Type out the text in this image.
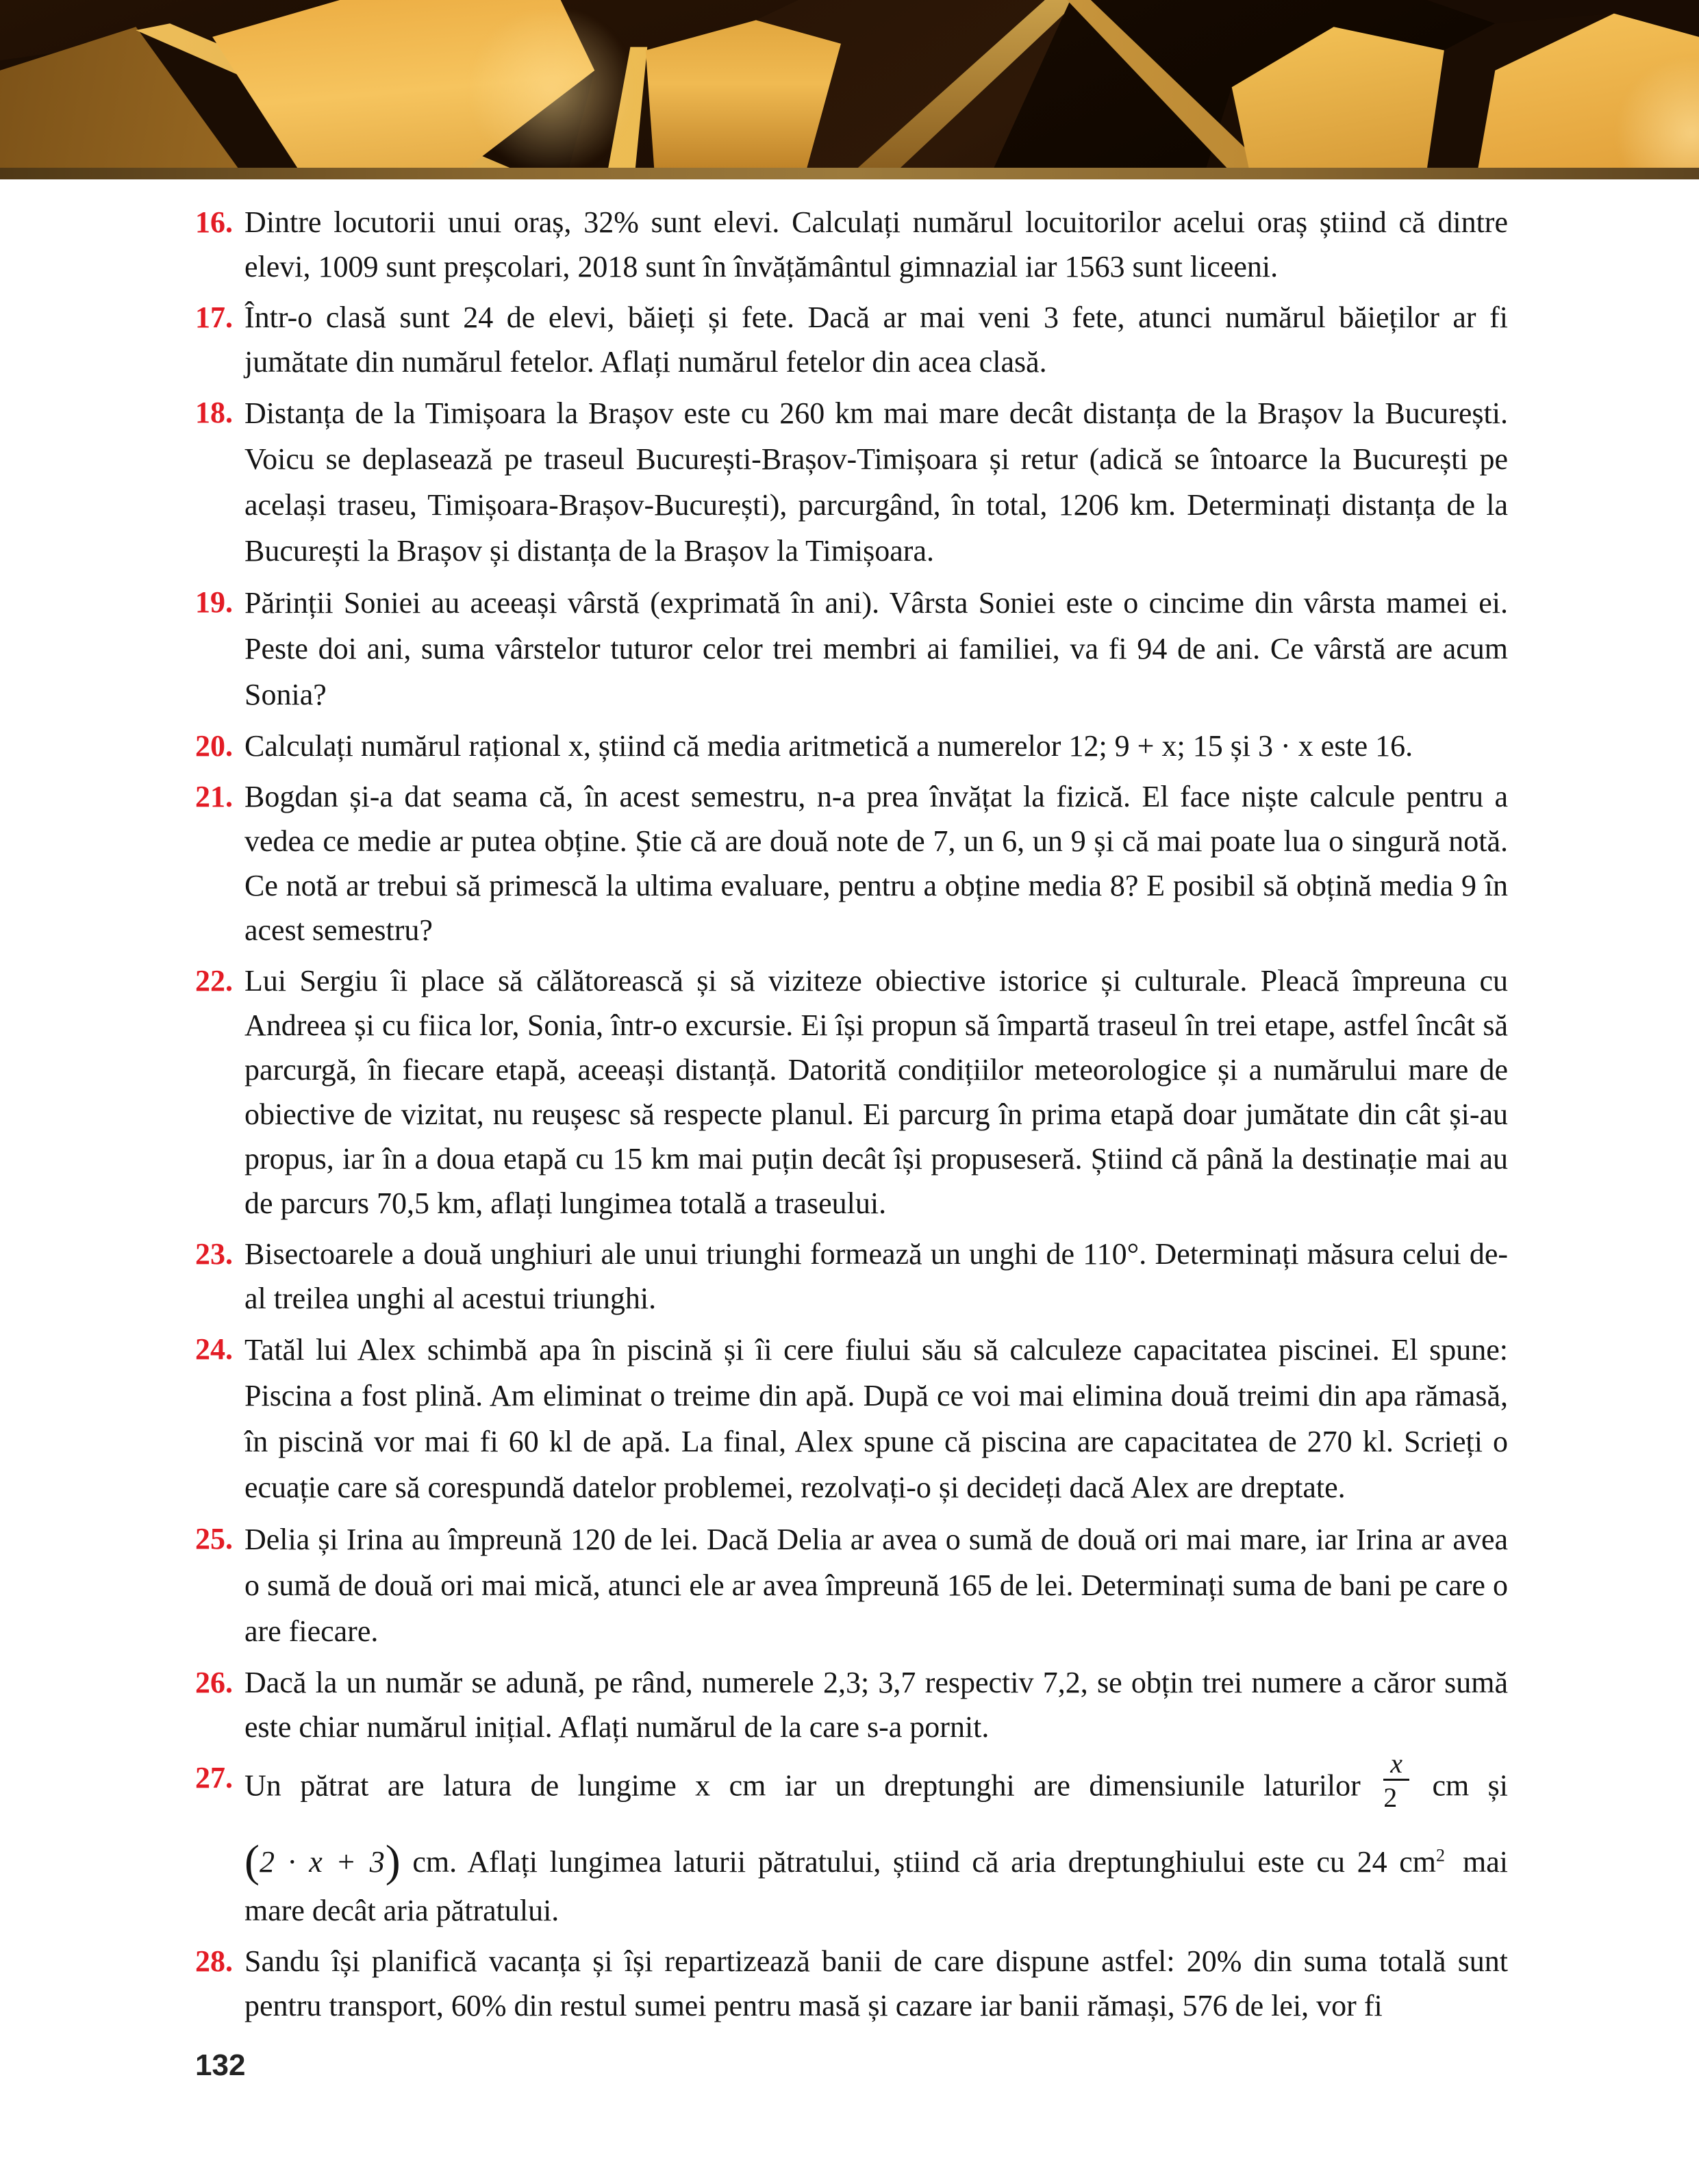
16. Dintre locutorii unui oraș, 32% sunt elevi. Calculați numărul locuitorilor acelui oraș știind că dintre elevi, 1009 sunt preșcolari, 2018 sunt în învățământul gimnazial iar 1563 sunt liceeni.

17. Într-o clasă sunt 24 de elevi, băieți și fete. Dacă ar mai veni 3 fete, atunci numărul băieților ar fi jumătate din numărul fetelor. Aflați numărul fetelor din acea clasă.

18. Distanța de la Timișoara la Brașov este cu 260 km mai mare decât distanța de la Brașov la București. Voicu se deplasează pe traseul București-Brașov-Timișoara și retur (adică se întoarce la București pe același traseu, Timișoara-Brașov-București), parcurgând, în total, 1206 km. Determinați distanța de la București la Brașov și distanța de la Brașov la Timișoara.

19. Părinții Soniei au aceeași vârstă (exprimată în ani). Vârsta Soniei este o cincime din vârsta mamei ei. Peste doi ani, suma vârstelor tuturor celor trei membri ai familiei, va fi 94 de ani. Ce vârstă are acum Sonia?

20. Calculați numărul rațional x, știind că media aritmetică a numerelor 12; 9 + x; 15 și 3 · x este 16.

21. Bogdan și-a dat seama că, în acest semestru, n-a prea învățat la fizică. El face niște calcule pentru a vedea ce medie ar putea obține. Știe că are două note de 7, un 6, un 9 și că mai poate lua o singură notă. Ce notă ar trebui să primescă la ultima evaluare, pentru a obține media 8? E posibil să obțină media 9 în acest semestru?

22. Lui Sergiu îi place să călătorească și să viziteze obiective istorice și culturale. Pleacă împreuna cu Andreea și cu fiica lor, Sonia, într-o excursie. Ei își propun să împartă traseul în trei etape, astfel încât să parcurgă, în fiecare etapă, aceeași distanță. Datorită condițiilor meteorologice și a numărului mare de obiective de vizitat, nu reușesc să respecte planul. Ei parcurg în prima etapă doar jumătate din cât și-au propus, iar în a doua etapă cu 15 km mai puțin decât își propuseseră. Știind că până la destinație mai au de parcurs 70,5 km, aflați lungimea totală a traseului.

23. Bisectoarele a două unghiuri ale unui triunghi formează un unghi de 110°. Determinați măsura celui de-al treilea unghi al acestui triunghi.

24. Tatăl lui Alex schimbă apa în piscină și îi cere fiului său să calculeze capacitatea piscinei. El spune: Piscina a fost plină. Am eliminat o treime din apă. După ce voi mai elimina două treimi din apa rămasă, în piscină vor mai fi 60 kl de apă. La final, Alex spune că piscina are capacitatea de 270 kl. Scrieți o ecuație care să corespundă datelor problemei, rezolvați-o și decideți dacă Alex are dreptate.

25. Delia și Irina au împreună 120 de lei. Dacă Delia ar avea o sumă de două ori mai mare, iar Irina ar avea o sumă de două ori mai mică, atunci ele ar avea împreună 165 de lei. Determinați suma de bani pe care o are fiecare.

26. Dacă la un număr se adună, pe rând, numerele 2,3; 3,7 respectiv 7,2, se obțin trei numere a căror sumă este chiar numărul inițial. Aflați numărul de la care s-a pornit.

27. Un pătrat are latura de lungime x cm iar un dreptunghi are dimensiunile laturilor $\frac{x}{2}$ cm și
(2 · x + 3) cm. Aflați lungimea laturii pătratului, știind că aria dreptunghiului este cu 24 $cm^2$ mai
mare decât aria pătratului.
28. Sandu își planifică vacanța și își repartizează banii de care dispune astfel: 20% din suma totală sunt pentru transport, 60% din restul sumei pentru masă și cazare iar banii rămași, 576 de lei, vor fi

132
